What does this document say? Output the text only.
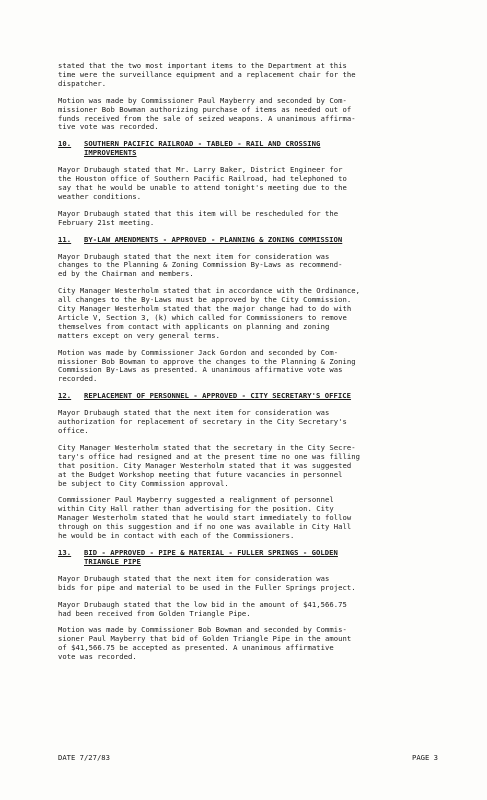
stated that the two most important items to the Department at this
time were the surveillance equipment and a replacement chair for the
dispatcher.

Motion was made by Commissioner Paul Mayberry and seconded by Com-
missioner Bob Bowman authorizing purchase of items as needed out of
funds received from the sale of seized weapons. A unanimous affirma-
tive vote was recorded.

10.	SOUTHERN PACIFIC RAILROAD - TABLED - RAIL AND CROSSING
IMPROVEMENTS

Mayor Drubaugh stated that Mr. Larry Baker, District Engineer for
the Houston office of Southern Pacific Railroad, had telephoned to
say that he would be unable to attend tonight's meeting due to the
weather conditions.

Mayor Drubaugh stated that this item will be rescheduled for the
February 21st meeting.

11.	BY-LAW AMENDMENTS - APPROVED - PLANNING & ZONING COMMISSION

Mayor Drubaugh stated that the next item for consideration was
changes to the Planning & Zoning Commission By-Laws as recommend-
ed by the Chairman and members.

City Manager Westerholm stated that in accordance with the Ordinance,
all changes to the By-Laws must be approved by the City Commission.
City Manager Westerholm stated that the major change had to do with
Article V, Section 3, (k) which called for Commissioners to remove
themselves from contact with applicants on planning and zoning
matters except on very general terms.

Motion was made by Commissioner Jack Gordon and seconded by Com-
missioner Bob Bowman to approve the changes to the Planning & Zoning
Commission By-Laws as presented. A unanimous affirmative vote was
recorded.

12.	REPLACEMENT OF PERSONNEL - APPROVED - CITY SECRETARY'S OFFICE

Mayor Drubaugh stated that the next item for consideration was
authorization for replacement of secretary in the City Secretary's
office.

City Manager Westerholm stated that the secretary in the City Secre-
tary's office had resigned and at the present time no one was filling
that position. City Manager Westerholm stated that it was suggested
at the Budget Workshop meeting that future vacancies in personnel
be subject to City Commission approval.

Commissioner Paul Mayberry suggested a realignment of personnel
within City Hall rather than advertising for the position. City
Manager Westerholm stated that he would start immediately to follow
through on this suggestion and if no one was available in City Hall
he would be in contact with each of the Commissioners.

13.	BID - APPROVED - PIPE & MATERIAL - FULLER SPRINGS - GOLDEN
TRIANGLE PIPE

Mayor Drubaugh stated that the next item for consideration was
bids for pipe and material to be used in the Fuller Springs project.

Mayor Drubaugh stated that the low bid in the amount of $41,566.75
had been received from Golden Triangle Pipe.

Motion was made by Commissioner Bob Bowman and seconded by Commis-
sioner Paul Mayberry that bid of Golden Triangle Pipe in the amount
of $41,566.75 be accepted as presented. A unanimous affirmative
vote was recorded.

DATE 7/27/83	PAGE 3
